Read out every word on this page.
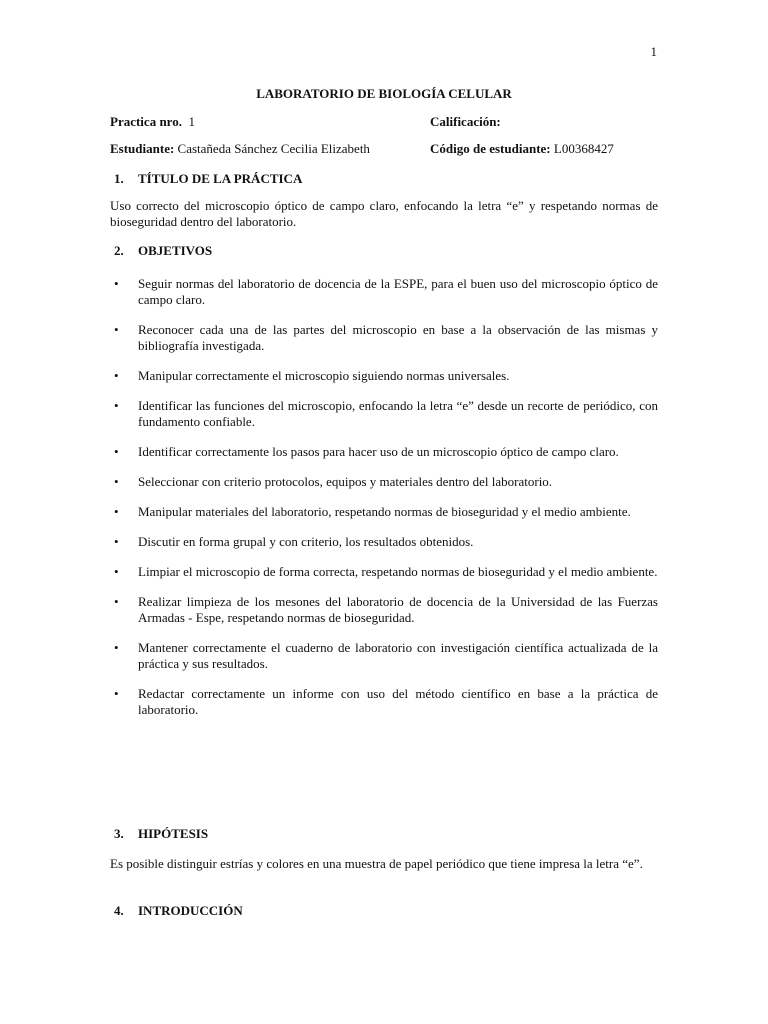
1
LABORATORIO DE BIOLOGÍA CELULAR
Practica nro. 1	Calificación:
Estudiante: Castañeda Sánchez Cecilia Elizabeth	Código de estudiante: L00368427
1. TÍTULO DE LA PRÁCTICA
Uso correcto del microscopio óptico de campo claro, enfocando la letra “e” y respetando normas de bioseguridad dentro del laboratorio.
2. OBJETIVOS
• Seguir normas del laboratorio de docencia de la ESPE, para el buen uso del microscopio óptico de campo claro.
• Reconocer cada una de las partes del microscopio en base a la observación de las mismas y bibliografía investigada.
• Manipular correctamente el microscopio siguiendo normas universales.
• Identificar las funciones del microscopio, enfocando la letra “e” desde un recorte de periódico, con fundamento confiable.
• Identificar correctamente los pasos para hacer uso de un microscopio óptico de campo claro.
• Seleccionar con criterio protocolos, equipos y materiales dentro del laboratorio.
• Manipular materiales del laboratorio, respetando normas de bioseguridad y el medio ambiente.
• Discutir en forma grupal y con criterio, los resultados obtenidos.
• Limpiar el microscopio de forma correcta, respetando normas de bioseguridad y el medio ambiente.
• Realizar limpieza de los mesones del laboratorio de docencia de la Universidad de las Fuerzas Armadas - Espe, respetando normas de bioseguridad.
• Mantener correctamente el cuaderno de laboratorio con investigación científica actualizada de la práctica y sus resultados.
• Redactar correctamente un informe con uso del método científico en base a la práctica de laboratorio.
3. HIPÓTESIS
Es posible distinguir estrías y colores en una muestra de papel periódico que tiene impresa la letra “e”.
4. INTRODUCCIÓN
